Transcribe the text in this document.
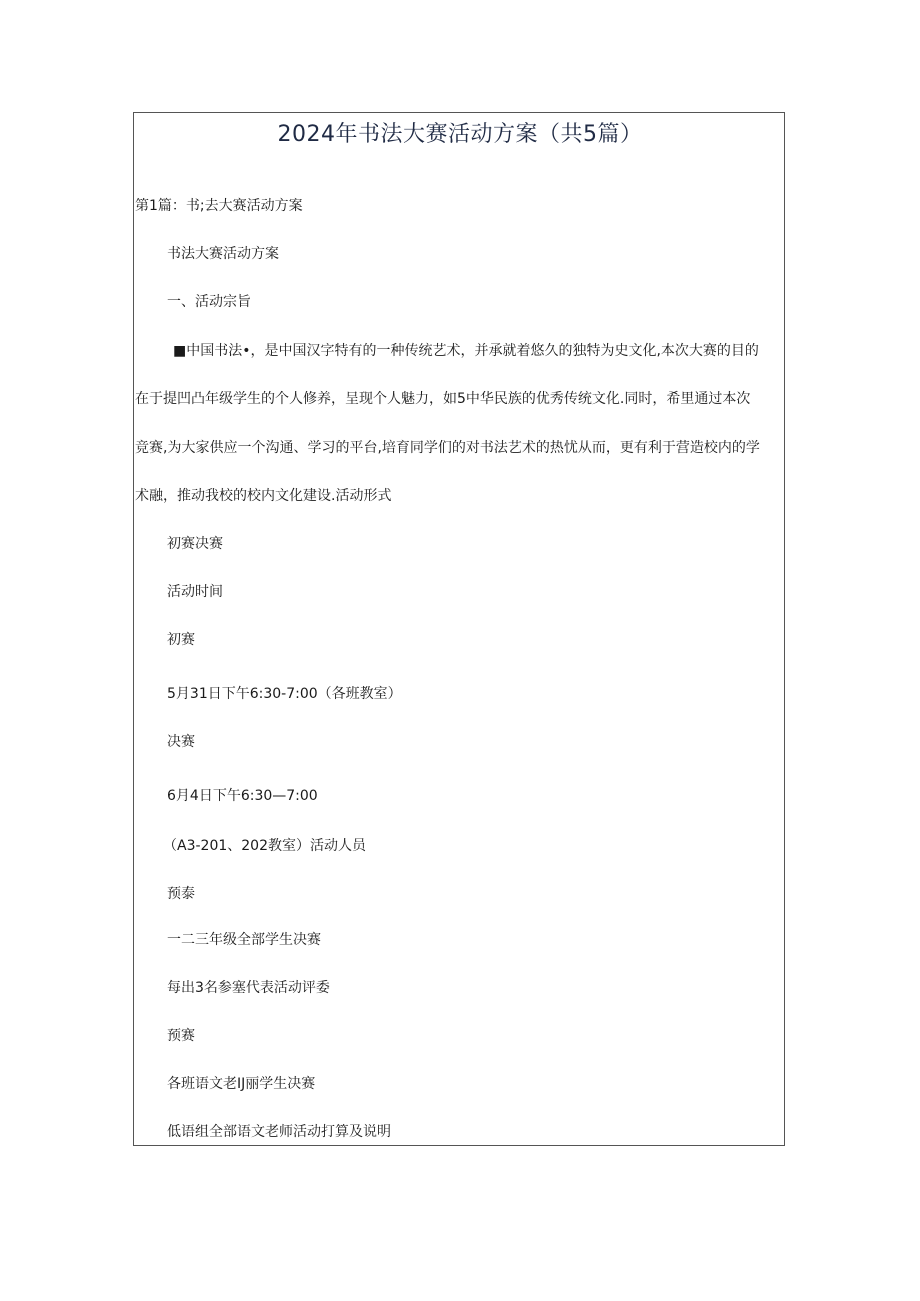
2024年书法大赛活动方案（共5篇）
第1篇：书;去大赛活动方案
书法大赛活动方案
一、活动宗旨
■中国书法•，是中国汉字特有的一种传统艺术，并承就着悠久的独特为史文化,本次大赛的目的
在于提凹凸年级学生的个人修养，呈现个人魅力，如5中华民族的优秀传统文化.同时，希里通过本次
竞赛,为大家供应一个沟通、学习的平台,培育同学们的对书法艺术的热忧从而，更有利于营造校内的学
术融，推动我校的校内文化建设.活动形式
初赛决赛
活动时间
初赛
5月31日下午6:30-7:00（各班教室）
决赛
6月4日下午6:30—7:00
（A3-201、202教室）活动人员
预泰
一二三年级全部学生决赛
每出3名参塞代表活动评委
预赛
各班语文老IJ丽学生决赛
低语组全部语文老师活动打算及说明
